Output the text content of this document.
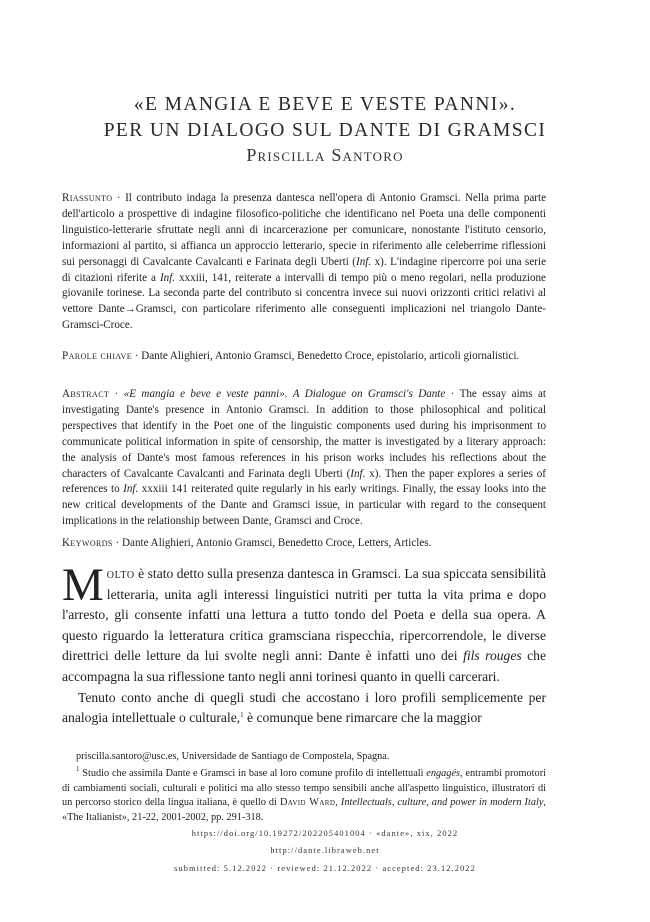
«E MANGIA E BEVE E VESTE PANNI».
PER UN DIALOGO SUL DANTE DI GRAMSCI
Priscilla Santoro
Riassunto · Il contributo indaga la presenza dantesca nell'opera di Antonio Gramsci. Nella prima parte dell'articolo a prospettive di indagine filosofico-politiche che identificano nel Poeta una delle componenti linguistico-letterarie sfruttate negli anni di incarcerazione per comunicare, nonostante l'istituto censorio, informazioni al partito, si affianca un approccio letterario, specie in riferimento alle celeberrime riflessioni sui personaggi di Cavalcante Cavalcanti e Farinata degli Uberti (Inf. x). L'indagine ripercorre poi una serie di citazioni riferite a Inf. xxxiii, 141, reiterate a intervalli di tempo più o meno regolari, nella produzione giovanile torinese. La seconda parte del contributo si concentra invece sui nuovi orizzonti critici relativi al vettore Dante→Gramsci, con particolare riferimento alle conseguenti implicazioni nel triangolo Dante-Gramsci-Croce.
Parole chiave · Dante Alighieri, Antonio Gramsci, Benedetto Croce, epistolario, articoli giornalistici.
Abstract · «E mangia e beve e veste panni». A Dialogue on Gramsci's Dante · The essay aims at investigating Dante's presence in Antonio Gramsci. In addition to those philosophical and political perspectives that identify in the Poet one of the linguistic components used during his imprisonment to communicate political information in spite of censorship, the matter is investigated by a literary approach: the analysis of Dante's most famous references in his prison works includes his reflections about the characters of Cavalcante Cavalcanti and Farinata degli Uberti (Inf. x). Then the paper explores a series of references to Inf. xxxiii 141 reiterated quite regularly in his early writings. Finally, the essay looks into the new critical developments of the Dante and Gramsci issue, in particular with regard to the consequent implications in the relationship between Dante, Gramsci and Croce.
Keywords · Dante Alighieri, Antonio Gramsci, Benedetto Croce, Letters, Articles.

Molto è stato detto sulla presenza dantesca in Gramsci. La sua spiccata sensibilità letteraria, unita agli interessi linguistici nutriti per tutta la vita prima e dopo l'arresto, gli consente infatti una lettura a tutto tondo del Poeta e della sua opera. A questo riguardo la letteratura critica gramsciana rispecchia, ripercorrendole, le diverse direttrici delle letture da lui svolte negli anni: Dante è infatti uno dei fils rouges che accompagna la sua riflessione tanto negli anni torinesi quanto in quelli carcerari.

Tenuto conto anche di quegli studi che accostano i loro profili semplicemente per analogia intellettuale o culturale,$^1$ è comunque bene rimarcare che la maggior

priscilla.santoro@usc.es, Universidade de Santiago de Compostela, Spagna.
$^1$ Studio che assimila Dante e Gramsci in base al loro comune profilo di intellettuali engagés, entrambi promotori di cambiamenti sociali, culturali e politici ma allo stesso tempo sensibili anche all'aspetto linguistico, illustratori di un percorso storico della lingua italiana, è quello di David Ward, Intellectuals, culture, and power in modern Italy, «The Italianist», 21-22, 2001-2002, pp. 291-318.
https://doi.org/10.19272/202205401004 · «dante», xix, 2022
http://dante.libraweb.net
submitted: 5.12.2022 · reviewed: 21.12.2022 · accepted: 23.12.2022
